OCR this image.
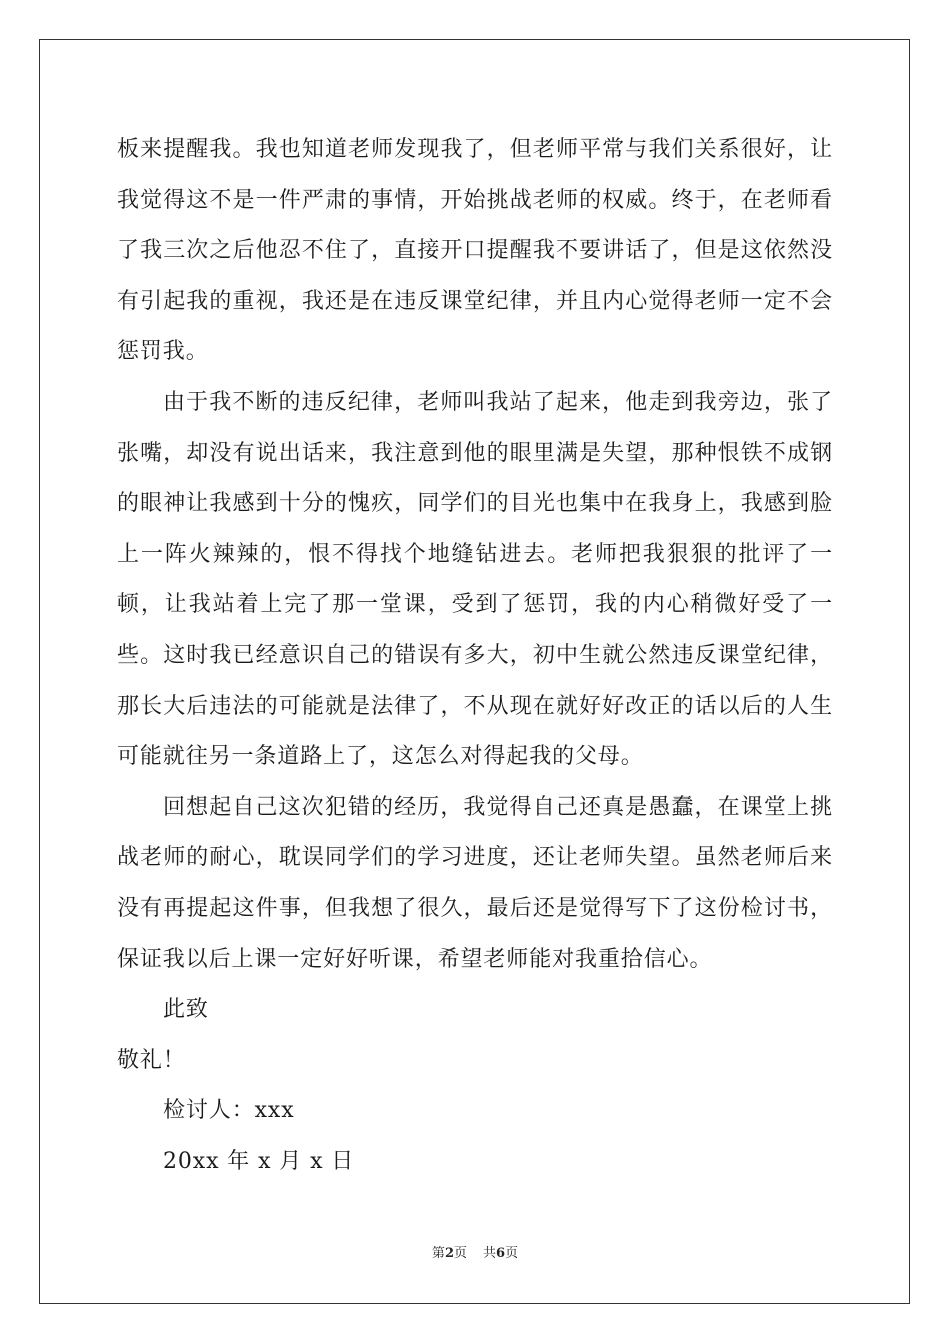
板来提醒我。我也知道老师发现我了，但老师平常与我们关系很好，让我觉得这不是一件严肃的事情，开始挑战老师的权威。终于，在老师看了我三次之后他忍不住了，直接开口提醒我不要讲话了，但是这依然没有引起我的重视，我还是在违反课堂纪律，并且内心觉得老师一定不会惩罚我。

由于我不断的违反纪律，老师叫我站了起来，他走到我旁边，张了张嘴，却没有说出话来，我注意到他的眼里满是失望，那种恨铁不成钢的眼神让我感到十分的愧疚，同学们的目光也集中在我身上，我感到脸上一阵火辣辣的，恨不得找个地缝钻进去。老师把我狠狠的批评了一顿，让我站着上完了那一堂课，受到了惩罚，我的内心稍微好受了一些。这时我已经意识自己的错误有多大，初中生就公然违反课堂纪律，那长大后违法的可能就是法律了，不从现在就好好改正的话以后的人生可能就往另一条道路上了，这怎么对得起我的父母。

回想起自己这次犯错的经历，我觉得自己还真是愚蠢，在课堂上挑战老师的耐心，耽误同学们的学习进度，还让老师失望。虽然老师后来没有再提起这件事，但我想了很久，最后还是觉得写下了这份检讨书，保证我以后上课一定好好听课，希望老师能对我重拾信心。

此致

敬礼！

检讨人：xxx

20xx 年 x 月 x 日

第2页 共6页
